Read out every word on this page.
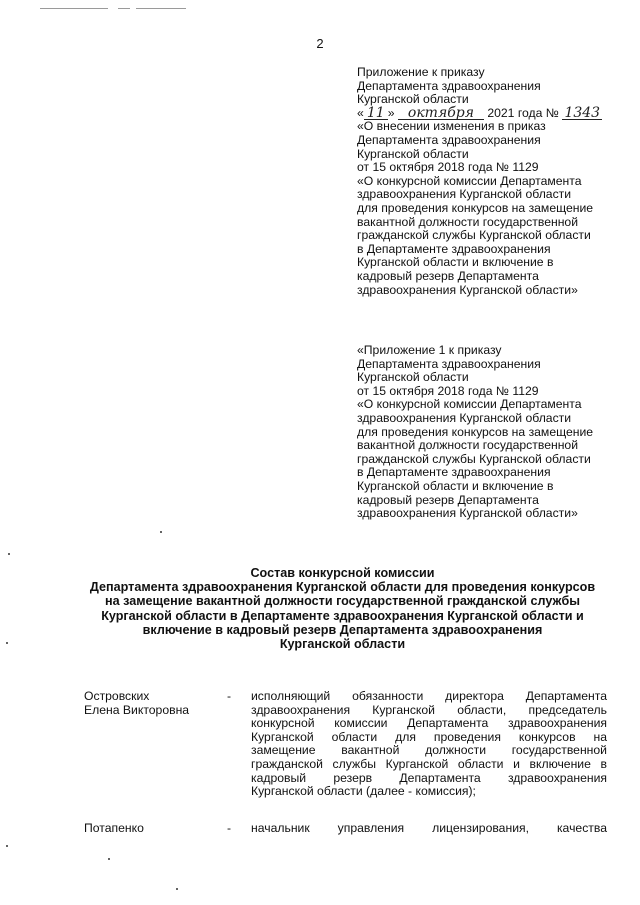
2
Приложение к приказу
Департамента здравоохранения
Курганской области
« 11 » октября 2021 года № 1343
«О внесении изменения в приказ
Департамента здравоохранения
Курганской области
от 15 октября 2018 года № 1129
«О конкурсной комиссии Департамента
здравоохранения Курганской области
для проведения конкурсов на замещение
вакантной должности государственной
гражданской службы Курганской области
в Департаменте здравоохранения
Курганской области и включение в
кадровый резерв Департамента
здравоохранения Курганской области»
«Приложение 1 к приказу
Департамента здравоохранения
Курганской области
от 15 октября 2018 года № 1129
«О конкурсной комиссии Департамента
здравоохранения Курганской области
для проведения конкурсов на замещение
вакантной должности государственной
гражданской службы Курганской области
в Департаменте здравоохранения
Курганской области и включение в
кадровый резерв Департамента
здравоохранения Курганской области»
Состав конкурсной комиссии
Департамента здравоохранения Курганской области для проведения конкурсов
на замещение вакантной должности государственной гражданской службы
Курганской области в Департаменте здравоохранения Курганской области и
включение в кадровый резерв Департамента здравоохранения
Курганской области
Островских
Елена Викторовна
- исполняющий обязанности директора Департамента
здравоохранения Курганской области, председатель
конкурсной комиссии Департамента здравоохранения
Курганской области для проведения конкурсов на
замещение вакантной должности государственной
гражданской службы Курганской области и включение в
кадровый резерв Департамента здравоохранения
Курганской области (далее - комиссия);
Потапенко	- начальник управления лицензирования, качества
